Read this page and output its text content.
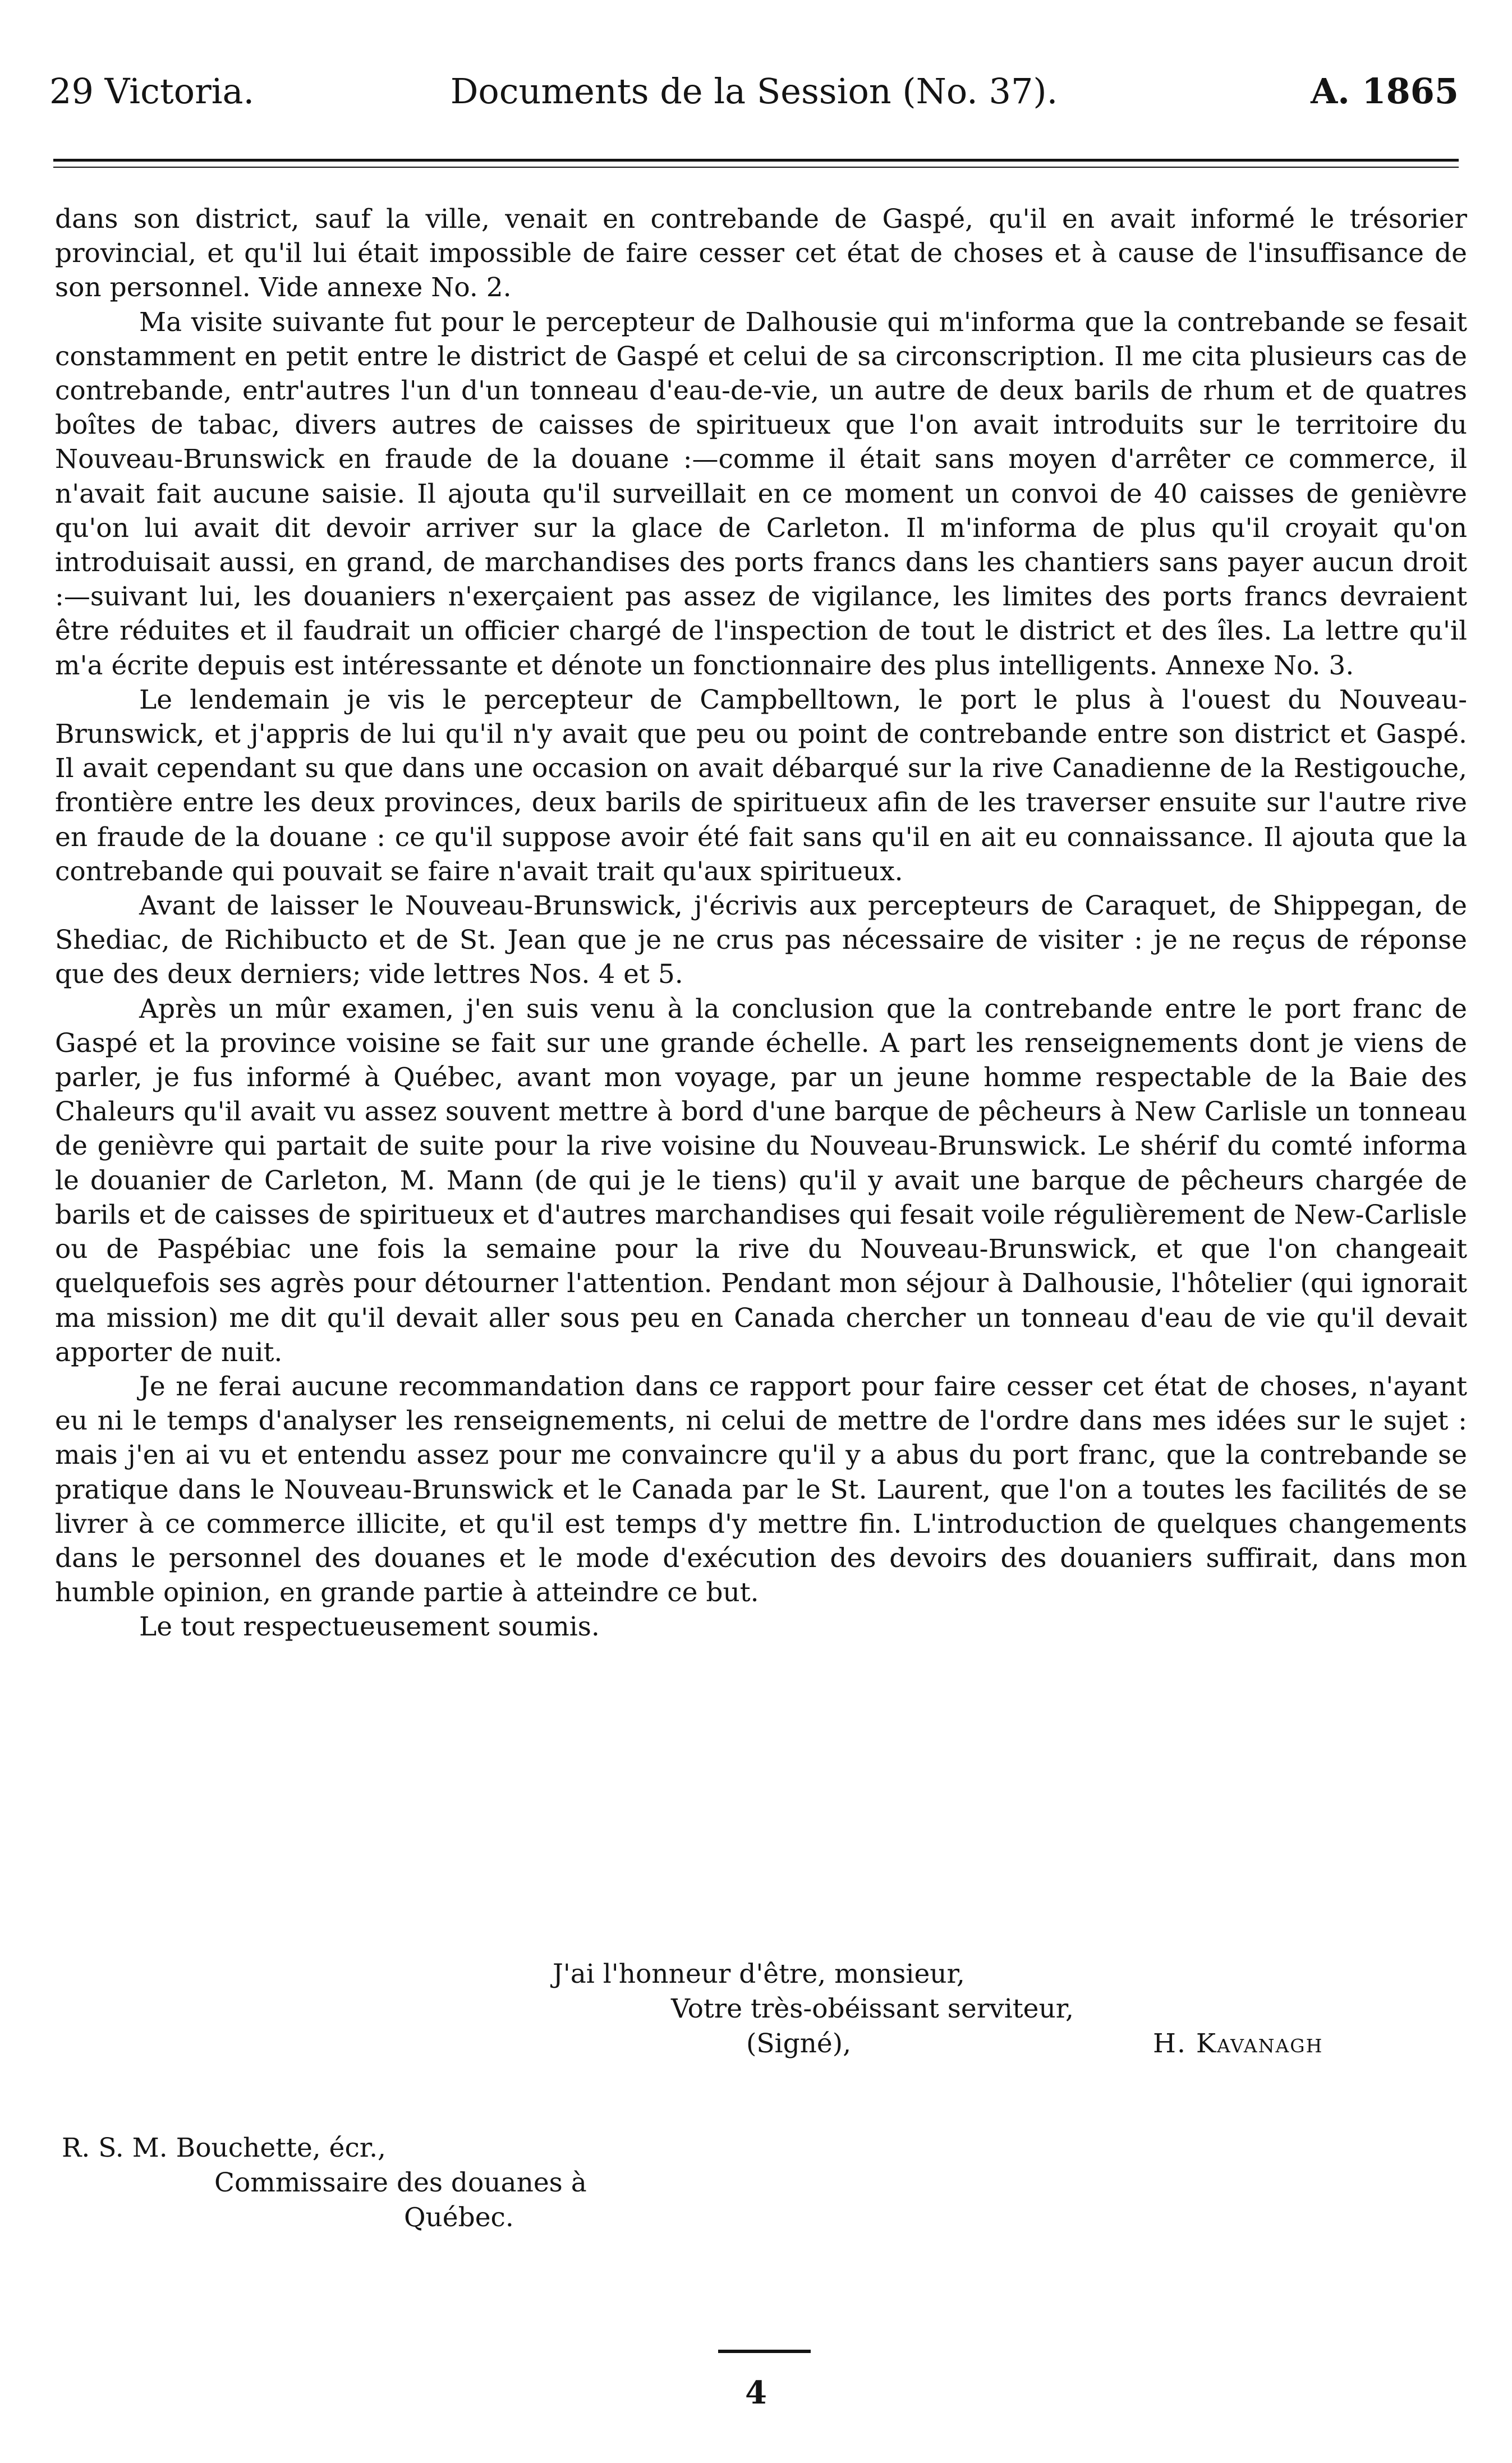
29 Victoria.	Documents de la Session (No. 37).	A. 1865

dans son district, sauf la ville, venait en contrebande de Gaspé, qu'il en avait informé le trésorier provincial, et qu'il lui était impossible de faire cesser cet état de choses et à cause de l'insuffisance de son personnel. Vide annexe No. 2.

Ma visite suivante fut pour le percepteur de Dalhousie qui m'informa que la contrebande se fesait constamment en petit entre le district de Gaspé et celui de sa circonscription. Il me cita plusieurs cas de contrebande, entr'autres l'un d'un tonneau d'eau-de-vie, un autre de deux barils de rhum et de quatres boîtes de tabac, divers autres de caisses de spiritueux que l'on avait introduits sur le territoire du Nouveau-Brunswick en fraude de la douane :—comme il était sans moyen d'arrêter ce commerce, il n'avait fait aucune saisie. Il ajouta qu'il surveillait en ce moment un convoi de 40 caisses de genièvre qu'on lui avait dit devoir arriver sur la glace de Carleton. Il m'informa de plus qu'il croyait qu'on introduisait aussi, en grand, de marchandises des ports francs dans les chantiers sans payer aucun droit :—suivant lui, les douaniers n'exerçaient pas assez de vigilance, les limites des ports francs devraient être réduites et il faudrait un officier chargé de l'inspection de tout le district et des îles. La lettre qu'il m'a écrite depuis est intéressante et dénote un fonctionnaire des plus intelligents. Annexe No. 3.

Le lendemain je vis le percepteur de Campbelltown, le port le plus à l'ouest du Nouveau-Brunswick, et j'appris de lui qu'il n'y avait que peu ou point de contrebande entre son district et Gaspé. Il avait cependant su que dans une occasion on avait débarqué sur la rive Canadienne de la Restigouche, frontière entre les deux provinces, deux barils de spiritueux afin de les traverser ensuite sur l'autre rive en fraude de la douane : ce qu'il suppose avoir été fait sans qu'il en ait eu connaissance. Il ajouta que la contrebande qui pouvait se faire n'avait trait qu'aux spiritueux.

Avant de laisser le Nouveau-Brunswick, j'écrivis aux percepteurs de Caraquet, de Shippegan, de Shediac, de Richibucto et de St. Jean que je ne crus pas nécessaire de visiter : je ne reçus de réponse que des deux derniers; vide lettres Nos. 4 et 5.

Après un mûr examen, j'en suis venu à la conclusion que la contrebande entre le port franc de Gaspé et la province voisine se fait sur une grande échelle. A part les renseignements dont je viens de parler, je fus informé à Québec, avant mon voyage, par un jeune homme respectable de la Baie des Chaleurs qu'il avait vu assez souvent mettre à bord d'une barque de pêcheurs à New Carlisle un tonneau de genièvre qui partait de suite pour la rive voisine du Nouveau-Brunswick. Le shérif du comté informa le douanier de Carleton, M. Mann (de qui je le tiens) qu'il y avait une barque de pêcheurs chargée de barils et de caisses de spiritueux et d'autres marchandises qui fesait voile régulièrement de New-Carlisle ou de Paspébiac une fois la semaine pour la rive du Nouveau-Brunswick, et que l'on changeait quelquefois ses agrès pour détourner l'attention. Pendant mon séjour à Dalhousie, l'hôtelier (qui ignorait ma mission) me dit qu'il devait aller sous peu en Canada chercher un tonneau d'eau de vie qu'il devait apporter de nuit.

Je ne ferai aucune recommandation dans ce rapport pour faire cesser cet état de choses, n'ayant eu ni le temps d'analyser les renseignements, ni celui de mettre de l'ordre dans mes idées sur le sujet : mais j'en ai vu et entendu assez pour me convaincre qu'il y a abus du port franc, que la contrebande se pratique dans le Nouveau-Brunswick et le Canada par le St. Laurent, que l'on a toutes les facilités de se livrer à ce commerce illicite, et qu'il est temps d'y mettre fin. L'introduction de quelques changements dans le personnel des douanes et le mode d'exécution des devoirs des douaniers suffirait, dans mon humble opinion, en grande partie à atteindre ce but.

Le tout respectueusement soumis.

J'ai l'honneur d'être, monsieur,
Votre très-obéissant serviteur,
(Signé),	H. Kavanagh
R. S. M. Bouchette, écr.,
Commissaire des douanes à
Québec.
4
